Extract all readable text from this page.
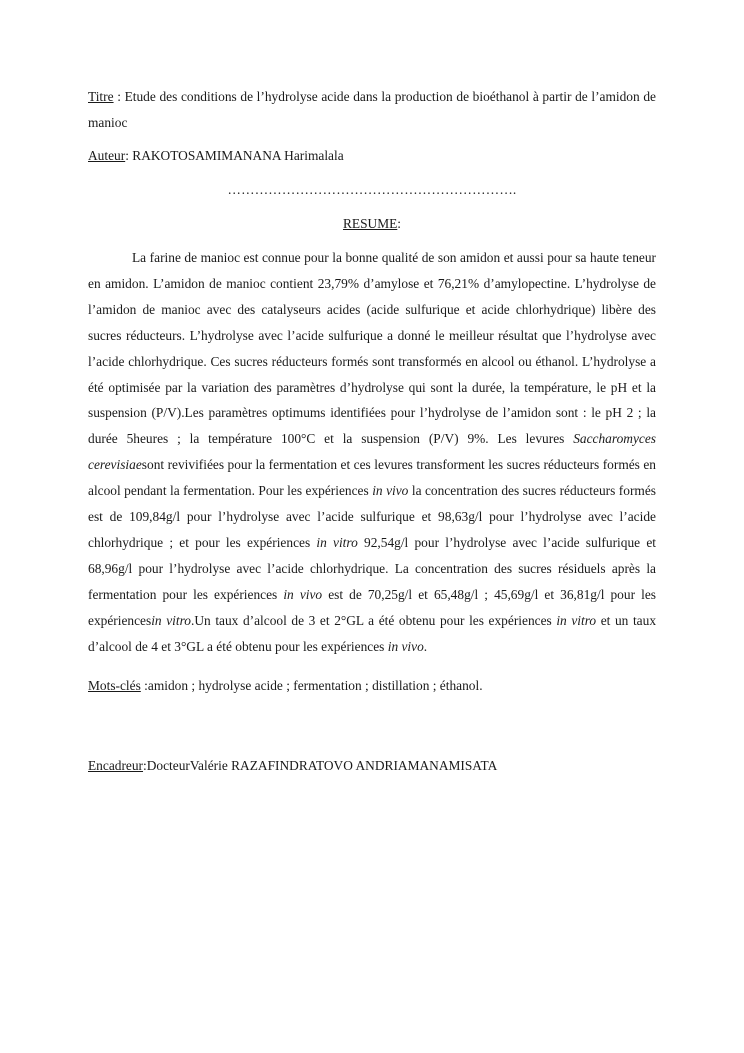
Titre : Etude des conditions de l’hydrolyse acide dans la production de bioéthanol à partir de l’amidon de manioc

Auteur: RAKOTOSAMIMANANA Harimalala

……………………………………………………….
RESUME:

La farine de manioc est connue pour la bonne qualité de son amidon et aussi pour sa haute teneur en amidon. L’amidon de manioc contient 23,79% d’amylose et 76,21% d’amylopectine. L’hydrolyse de l’amidon de manioc avec des catalyseurs acides (acide sulfurique et acide chlorhydrique) libère des sucres réducteurs. L’hydrolyse avec l’acide sulfurique a donné le meilleur résultat que l’hydrolyse avec l’acide chlorhydrique. Ces sucres réducteurs formés sont transformés en alcool ou éthanol. L’hydrolyse a été optimisée par la variation des paramètres d’hydrolyse qui sont la durée, la température, le pH et la suspension (P/V).Les paramètres optimums identifiées pour l’hydrolyse de l’amidon sont : le pH 2 ; la durée 5heures ; la température 100°C et la suspension (P/V) 9%. Les levures Saccharomyces cerevisiaesont revivifiées pour la fermentation et ces levures transforment les sucres réducteurs formés en alcool pendant la fermentation. Pour les expériences in vivo la concentration des sucres réducteurs formés est de 109,84g/l pour l’hydrolyse avec l’acide sulfurique et 98,63g/l pour l’hydrolyse avec l’acide chlorhydrique ; et pour les expériences in vitro 92,54g/l pour l’hydrolyse avec l’acide sulfurique et 68,96g/l pour l’hydrolyse avec l’acide chlorhydrique. La concentration des sucres résiduels après la fermentation pour les expériences in vivo est de 70,25g/l et 65,48g/l ; 45,69g/l et 36,81g/l pour les expériencesin vitro.Un taux d’alcool de 3 et 2°GL a été obtenu pour les expériences in vitro et un taux d’alcool de 4 et 3°GL a été obtenu pour les expériences in vivo.

Mots-clés :amidon ; hydrolyse acide ; fermentation ; distillation ; éthanol.

Encadreur:DocteurValérie RAZAFINDRATOVO ANDRIAMANAMISATA
